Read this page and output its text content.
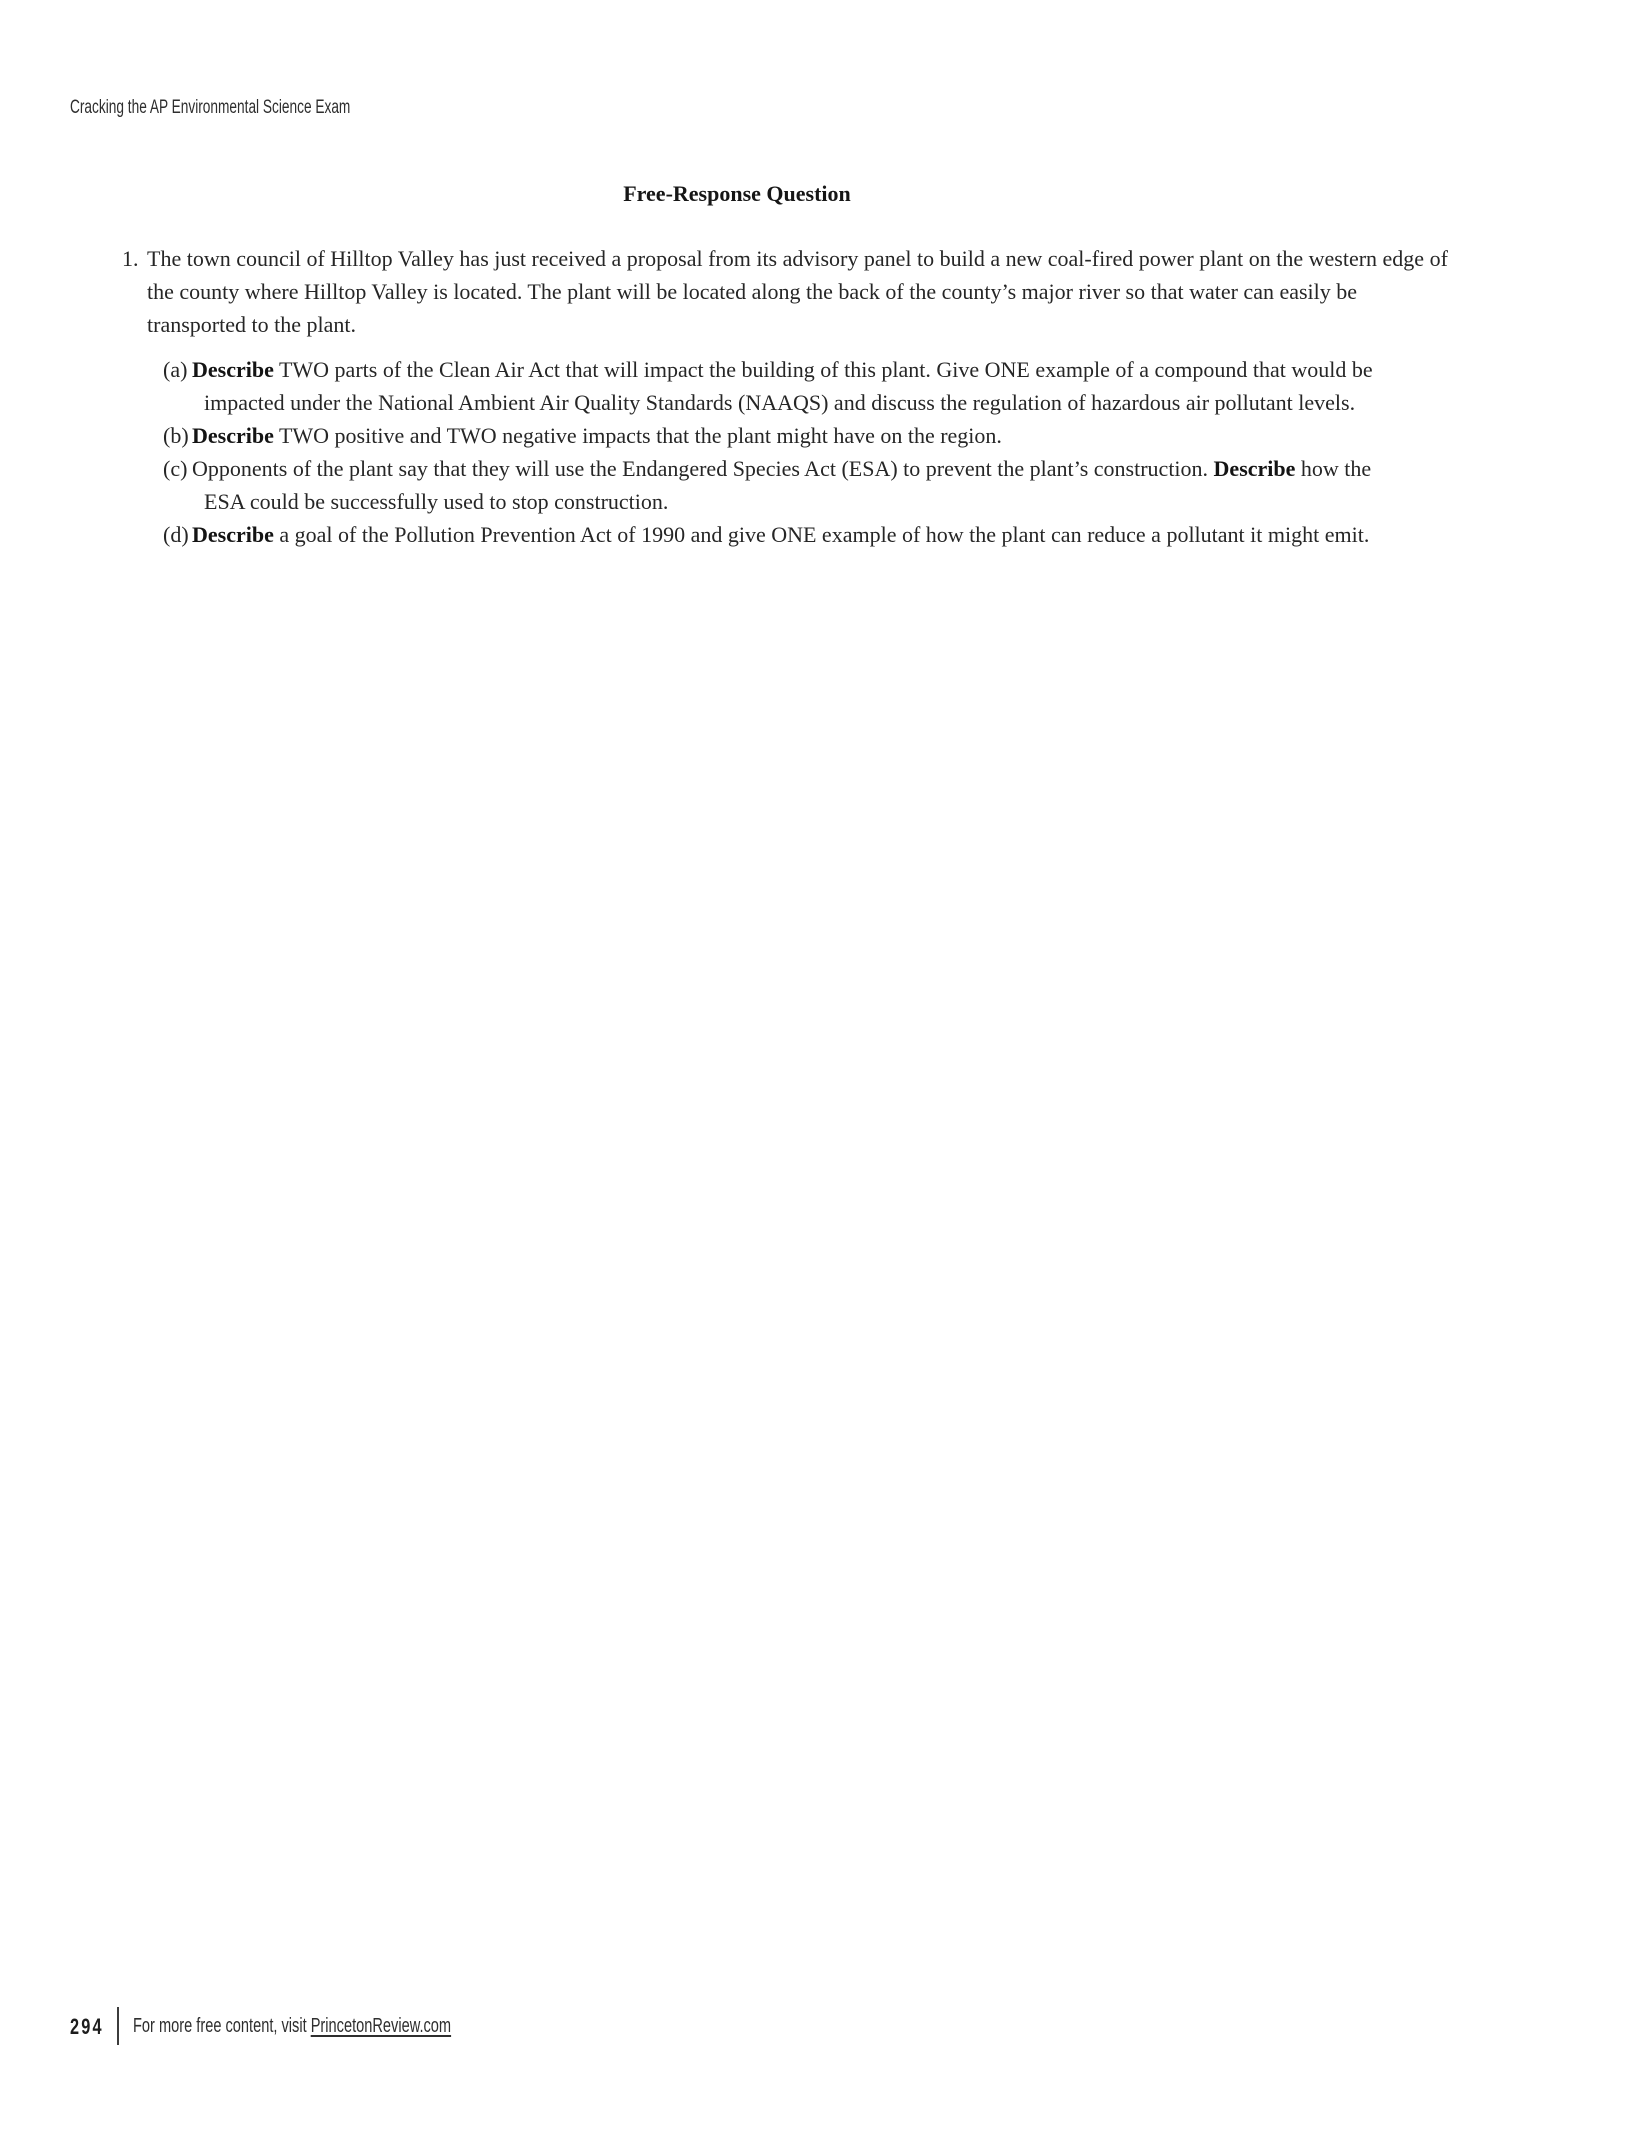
Cracking the AP Environmental Science Exam
Free-Response Question
1. The town council of Hilltop Valley has just received a proposal from its advisory panel to build a new coal-fired power plant on the western edge of the county where Hilltop Valley is located. The plant will be located along the back of the county’s major river so that water can easily be transported to the plant.
(a) Describe TWO parts of the Clean Air Act that will impact the building of this plant. Give ONE example of a compound that would be impacted under the National Ambient Air Quality Standards (NAAQS) and discuss the regulation of hazardous air pollutant levels.
(b) Describe TWO positive and TWO negative impacts that the plant might have on the region.
(c) Opponents of the plant say that they will use the Endangered Species Act (ESA) to prevent the plant’s construction. Describe how the ESA could be successfully used to stop construction.
(d) Describe a goal of the Pollution Prevention Act of 1990 and give ONE example of how the plant can reduce a pollutant it might emit.
294 For more free content, visit PrincetonReview.com
